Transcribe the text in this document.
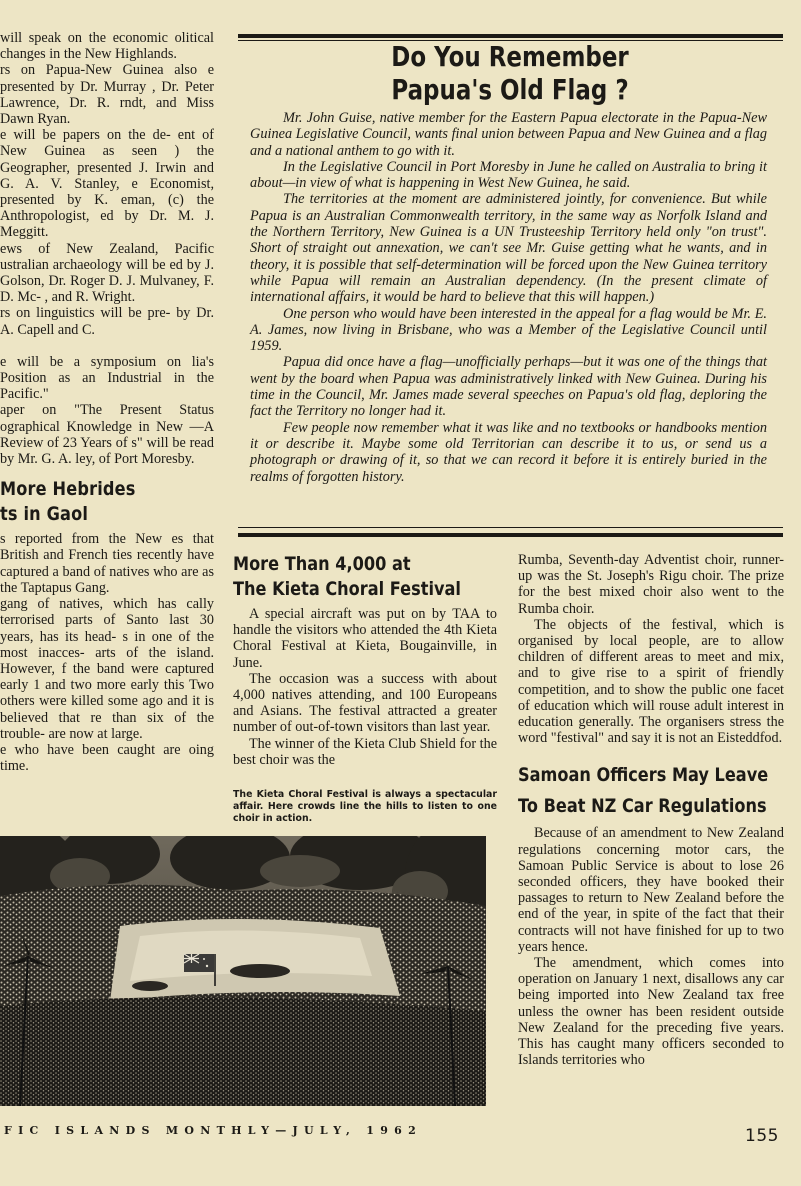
will speak on the economic olitical changes in the New Highlands.

rs on Papua-New Guinea also e presented by Dr. Murray , Dr. Peter Lawrence, Dr. R. rndt, and Miss Dawn Ryan.

e will be papers on the de- ent of New Guinea as seen ) the Geographer, presented J. Irwin and G. A. V. Stanley, e Economist, presented by K. eman, (c) the Anthropologist, ed by Dr. M. J. Meggitt.

ews of New Zealand, Pacific ustralian archaeology will be ed by J. Golson, Dr. Roger D. J. Mulvaney, F. D. Mc- , and R. Wright.

rs on linguistics will be pre- by Dr. A. Capell and C.

e will be a symposium on lia's Position as an Industrial in the Pacific."

aper on "The Present Status ographical Knowledge in New —A Review of 23 Years of s" will be read by Mr. G. A. ley, of Port Moresby.

More Hebrides
ts in Gaol

s reported from the New es that British and French ties recently have captured a band of natives who are as the Taptapus Gang.

gang of natives, which has cally terrorised parts of Santo last 30 years, has its head- s in one of the most inacces- arts of the island. However, f the band were captured early 1 and two more early this Two others were killed some ago and it is believed that re than six of the trouble- are now at large.

e who have been caught are oing time.

Do You Remember
Papua's Old Flag ?

Mr. John Guise, native member for the Eastern Papua electorate in the Papua-New Guinea Legislative Council, wants final union between Papua and New Guinea and a flag and a national anthem to go with it.

In the Legislative Council in Port Moresby in June he called on Australia to bring it about—in view of what is happening in West New Guinea, he said.

The territories at the moment are administered jointly, for convenience. But while Papua is an Australian Commonwealth territory, in the same way as Norfolk Island and the Northern Territory, New Guinea is a UN Trusteeship Territory held only "on trust". Short of straight out annexation, we can't see Mr. Guise getting what he wants, and in theory, it is possible that self-determination will be forced upon the New Guinea territory while Papua will remain an Australian dependency. (In the present climate of international affairs, it would be hard to believe that this will happen.)

One person who would have been interested in the appeal for a flag would be Mr. E. A. James, now living in Brisbane, who was a Member of the Legislative Council until 1959.

Papua did once have a flag—unofficially perhaps—but it was one of the things that went by the board when Papua was administratively linked with New Guinea. During his time in the Council, Mr. James made several speeches on Papua's old flag, deploring the fact the Territory no longer had it.

Few people now remember what it was like and no textbooks or handbooks mention it or describe it. Maybe some old Territorian can describe it to us, or send us a photograph or drawing of it, so that we can record it before it is entirely buried in the realms of forgotten history.

More Than 4,000 at
The Kieta Choral Festival

A special aircraft was put on by TAA to handle the visitors who attended the 4th Kieta Choral Festival at Kieta, Bougainville, in June.

The occasion was a success with about 4,000 natives attending, and 100 Europeans and Asians. The festival attracted a greater number of out-of-town visitors than last year.

The winner of the Kieta Club Shield for the best choir was the

The Kieta Choral Festival is always a spectacular affair. Here crowds line the hills to listen to one choir in action.

Rumba, Seventh-day Adventist choir, runner-up was the St. Joseph's Rigu choir. The prize for the best mixed choir also went to the Rumba choir.

The objects of the festival, which is organised by local people, are to allow children of different areas to meet and mix, and to give rise to a spirit of friendly competition, and to show the public one facet of education which will rouse adult interest in education generally. The organisers stress the word "festival" and say it is not an Eisteddfod.

Samoan Officers May Leave
To Beat NZ Car Regulations

Because of an amendment to New Zealand regulations concerning motor cars, the Samoan Public Service is about to lose 26 seconded officers, they have booked their passages to return to New Zealand before the end of the year, in spite of the fact that their contracts will not have finished for up to two years hence.

The amendment, which comes into operation on January 1 next, disallows any car being imported into New Zealand tax free unless the owner has been resident outside New Zealand for the preceding five years. This has caught many officers seconded to Islands territories who

FIC ISLANDS MONTHLY—JULY, 1962	155
